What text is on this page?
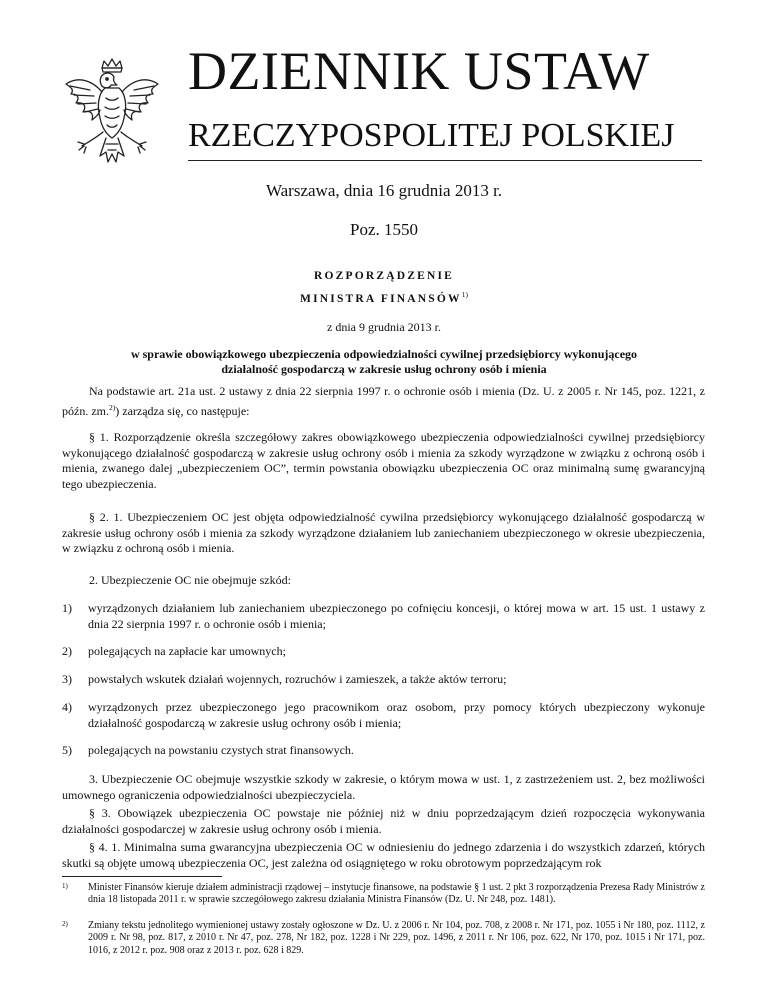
DZIENNIK USTAW
RZECZYPOSPOLITEJ POLSKIEJ
Warszawa, dnia 16 grudnia 2013 r.
Poz. 1550
ROZPORZĄDZENIE
MINISTRA FINANSÓW$^{1)}$
z dnia 9 grudnia 2013 r.
w sprawie obowiązkowego ubezpieczenia odpowiedzialności cywilnej przedsiębiorcy wykonującego
działalność gospodarczą w zakresie usług ochrony osób i mienia
Na podstawie art. 21a ust. 2 ustawy z dnia 22 sierpnia 1997 r. o ochronie osób i mienia (Dz. U. z 2005 r. Nr 145, poz. 1221, z późn. zm.$^{2)}$) zarządza się, co następuje:
§ 1. Rozporządzenie określa szczegółowy zakres obowiązkowego ubezpieczenia odpowiedzialności cywilnej przedsiębiorcy wykonującego działalność gospodarczą w zakresie usług ochrony osób i mienia za szkody wyrządzone w związku z ochroną osób i mienia, zwanego dalej „ubezpieczeniem OC”, termin powstania obowiązku ubezpieczenia OC oraz minimalną sumę gwarancyjną tego ubezpieczenia.
§ 2. 1. Ubezpieczeniem OC jest objęta odpowiedzialność cywilna przedsiębiorcy wykonującego działalność gospodarczą w zakresie usług ochrony osób i mienia za szkody wyrządzone działaniem lub zaniechaniem ubezpieczonego w okresie ubezpieczenia, w związku z ochroną osób i mienia.
2. Ubezpieczenie OC nie obejmuje szkód:
1) wyrządzonych działaniem lub zaniechaniem ubezpieczonego po cofnięciu koncesji, o której mowa w art. 15 ust. 1 ustawy z dnia 22 sierpnia 1997 r. o ochronie osób i mienia;
2) polegających na zapłacie kar umownych;
3) powstałych wskutek działań wojennych, rozruchów i zamieszek, a także aktów terroru;
4) wyrządzonych przez ubezpieczonego jego pracownikom oraz osobom, przy pomocy których ubezpieczony wykonuje działalność gospodarczą w zakresie usług ochrony osób i mienia;
5) polegających na powstaniu czystych strat finansowych.
3. Ubezpieczenie OC obejmuje wszystkie szkody w zakresie, o którym mowa w ust. 1, z zastrzeżeniem ust. 2, bez możliwości umownego ograniczenia odpowiedzialności ubezpieczyciela.
§ 3. Obowiązek ubezpieczenia OC powstaje nie później niż w dniu poprzedzającym dzień rozpoczęcia wykonywania działalności gospodarczej w zakresie usług ochrony osób i mienia.
§ 4. 1. Minimalna suma gwarancyjna ubezpieczenia OC w odniesieniu do jednego zdarzenia i do wszystkich zdarzeń, których skutki są objęte umową ubezpieczenia OC, jest zależna od osiągniętego w roku obrotowym poprzedzającym rok
1) Minister Finansów kieruje działem administracji rządowej – instytucje finansowe, na podstawie § 1 ust. 2 pkt 3 rozporządzenia Prezesa Rady Ministrów z dnia 18 listopada 2011 r. w sprawie szczegółowego zakresu działania Ministra Finansów (Dz. U. Nr 248, poz. 1481).
2) Zmiany tekstu jednolitego wymienionej ustawy zostały ogłoszone w Dz. U. z 2006 r. Nr 104, poz. 708, z 2008 r. Nr 171, poz. 1055 i Nr 180, poz. 1112, z 2009 r. Nr 98, poz. 817, z 2010 r. Nr 47, poz. 278, Nr 182, poz. 1228 i Nr 229, poz. 1496, z 2011 r. Nr 106, poz. 622, Nr 170, poz. 1015 i Nr 171, poz. 1016, z 2012 r. poz. 908 oraz z 2013 r. poz. 628 i 829.
